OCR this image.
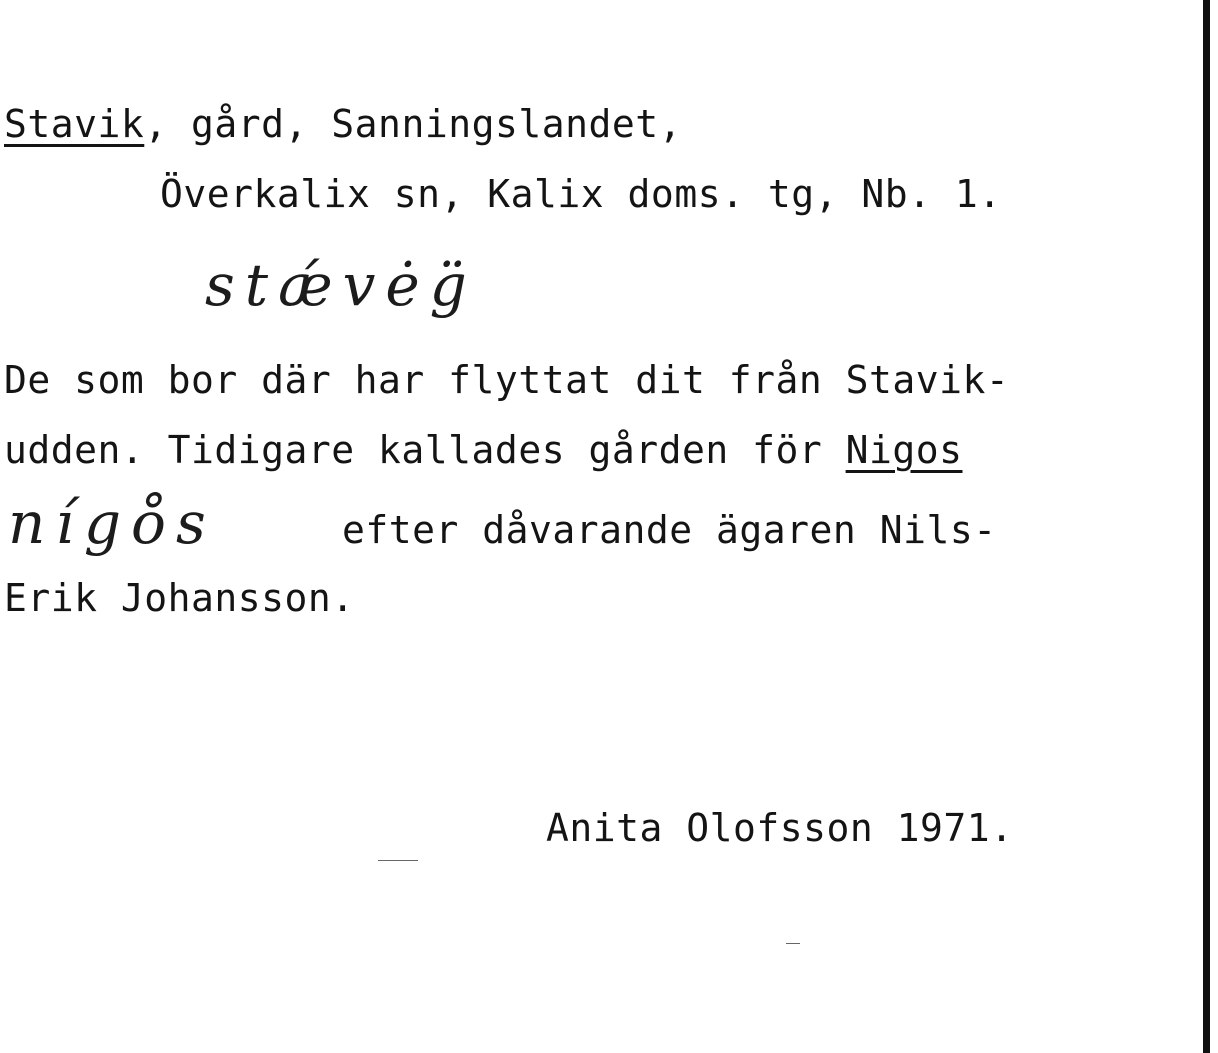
Stavik, gård, Sanningslandet,
Överkalix sn, Kalix doms. tg, Nb. 1.
stǽvėg̈
De som bor där har flyttat dit från Stavik-
udden. Tidigare kallades gården för Nigos
nígo̊s	efter dåvarande ägaren Nils-
Erik Johansson.
Anita Olofsson 1971.
